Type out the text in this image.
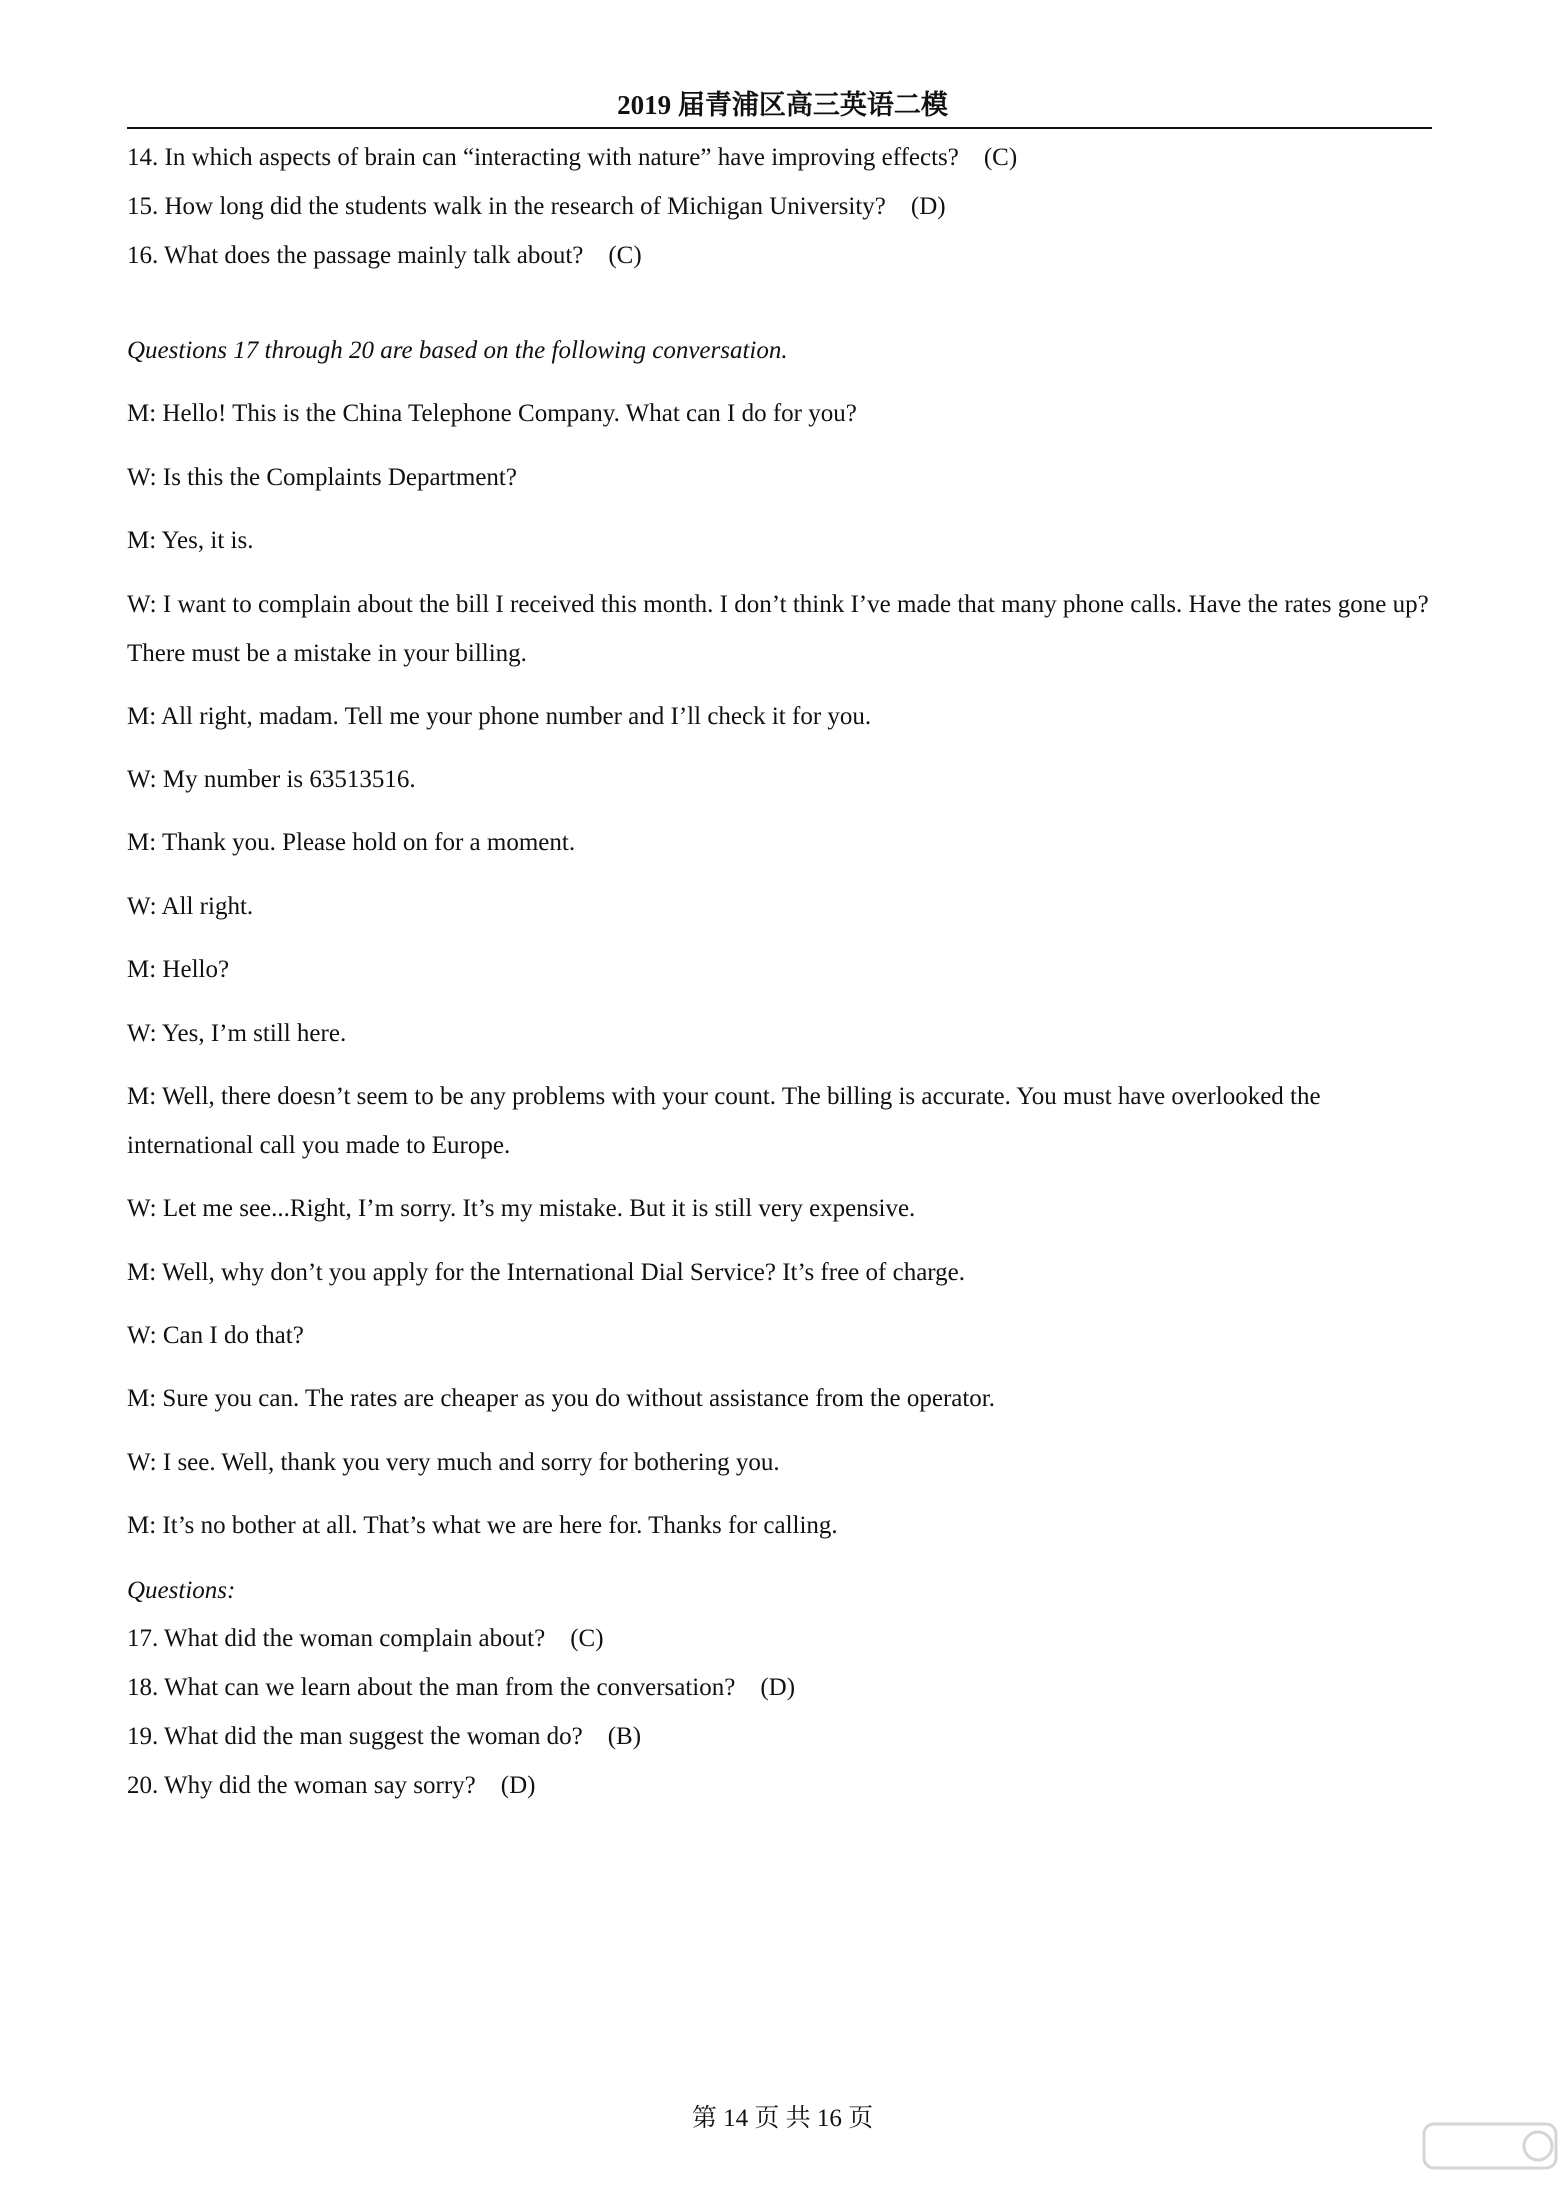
2019 届青浦区高三英语二模
14. In which aspects of brain can “interacting with nature” have improving effects?    (C)
15. How long did the students walk in the research of Michigan University?    (D)
16. What does the passage mainly talk about?    (C)
Questions 17 through 20 are based on the following conversation.
M: Hello! This is the China Telephone Company. What can I do for you?
W: Is this the Complaints Department?
M: Yes, it is.
W: I want to complain about the bill I received this month. I don’t think I’ve made that many phone calls. Have the rates gone up? There must be a mistake in your billing.
M: All right, madam. Tell me your phone number and I’ll check it for you.
W: My number is 63513516.
M: Thank you. Please hold on for a moment.
W: All right.
M: Hello?
W: Yes, I’m still here.
M: Well, there doesn’t seem to be any problems with your count. The billing is accurate. You must have overlooked the international call you made to Europe.
W: Let me see...Right, I’m sorry. It’s my mistake. But it is still very expensive.
M: Well, why don’t you apply for the International Dial Service? It’s free of charge.
W: Can I do that?
M: Sure you can. The rates are cheaper as you do without assistance from the operator.
W: I see. Well, thank you very much and sorry for bothering you.
M: It’s no bother at all. That’s what we are here for. Thanks for calling.
Questions:
17. What did the woman complain about?    (C)
18. What can we learn about the man from the conversation?    (D)
19. What did the man suggest the woman do?    (B)
20. Why did the woman say sorry?    (D)
第 14 页 共 16 页
